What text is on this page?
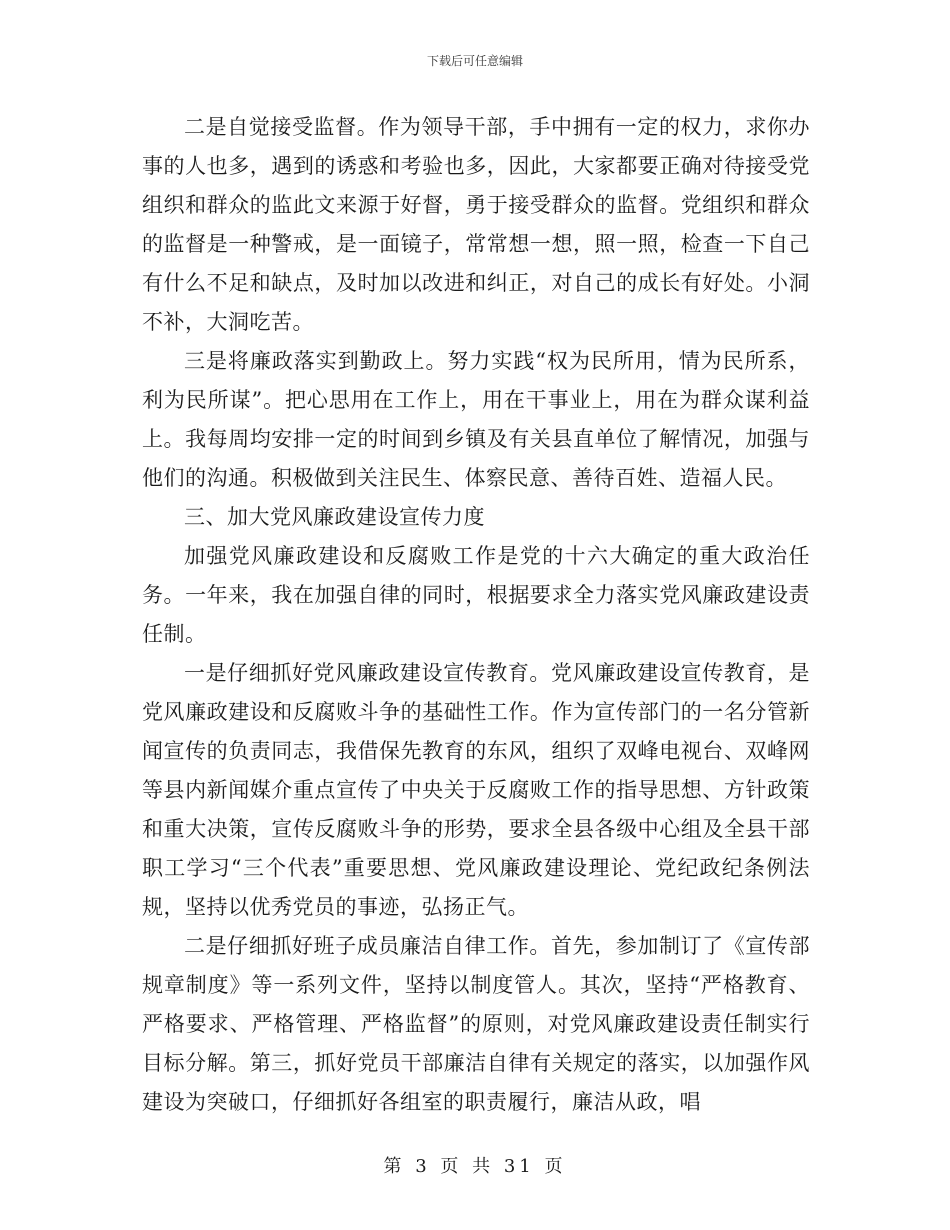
下载后可任意编辑

二是自觉接受监督。作为领导干部，手中拥有一定的权力，求你办事的人也多，遇到的诱惑和考验也多，因此，大家都要正确对待接受党组织和群众的监此文来源于好督，勇于接受群众的监督。党组织和群众的监督是一种警戒，是一面镜子，常常想一想，照一照，检查一下自己有什么不足和缺点，及时加以改进和纠正，对自己的成长有好处。小洞不补，大洞吃苦。

三是将廉政落实到勤政上。努力实践“权为民所用，情为民所系，利为民所谋”。把心思用在工作上，用在干事业上，用在为群众谋利益上。我每周均安排一定的时间到乡镇及有关县直单位了解情况，加强与他们的沟通。积极做到关注民生、体察民意、善待百姓、造福人民。

三、加大党风廉政建设宣传力度

加强党风廉政建设和反腐败工作是党的十六大确定的重大政治任务。一年来，我在加强自律的同时，根据要求全力落实党风廉政建设责任制。

一是仔细抓好党风廉政建设宣传教育。党风廉政建设宣传教育，是党风廉政建设和反腐败斗争的基础性工作。作为宣传部门的一名分管新闻宣传的负责同志，我借保先教育的东风，组织了双峰电视台、双峰网等县内新闻媒介重点宣传了中央关于反腐败工作的指导思想、方针政策和重大决策，宣传反腐败斗争的形势，要求全县各级中心组及全县干部职工学习“三个代表”重要思想、党风廉政建设理论、党纪政纪条例法规，坚持以优秀党员的事迹，弘扬正气。

二是仔细抓好班子成员廉洁自律工作。首先，参加制订了《宣传部规章制度》等一系列文件，坚持以制度管人。其次，坚持“严格教育、严格要求、严格管理、严格监督”的原则，对党风廉政建设责任制实行目标分解。第三，抓好党员干部廉洁自律有关规定的落实，以加强作风建设为突破口，仔细抓好各组室的职责履行，廉洁从政，唱

第 3 页 共 31 页
